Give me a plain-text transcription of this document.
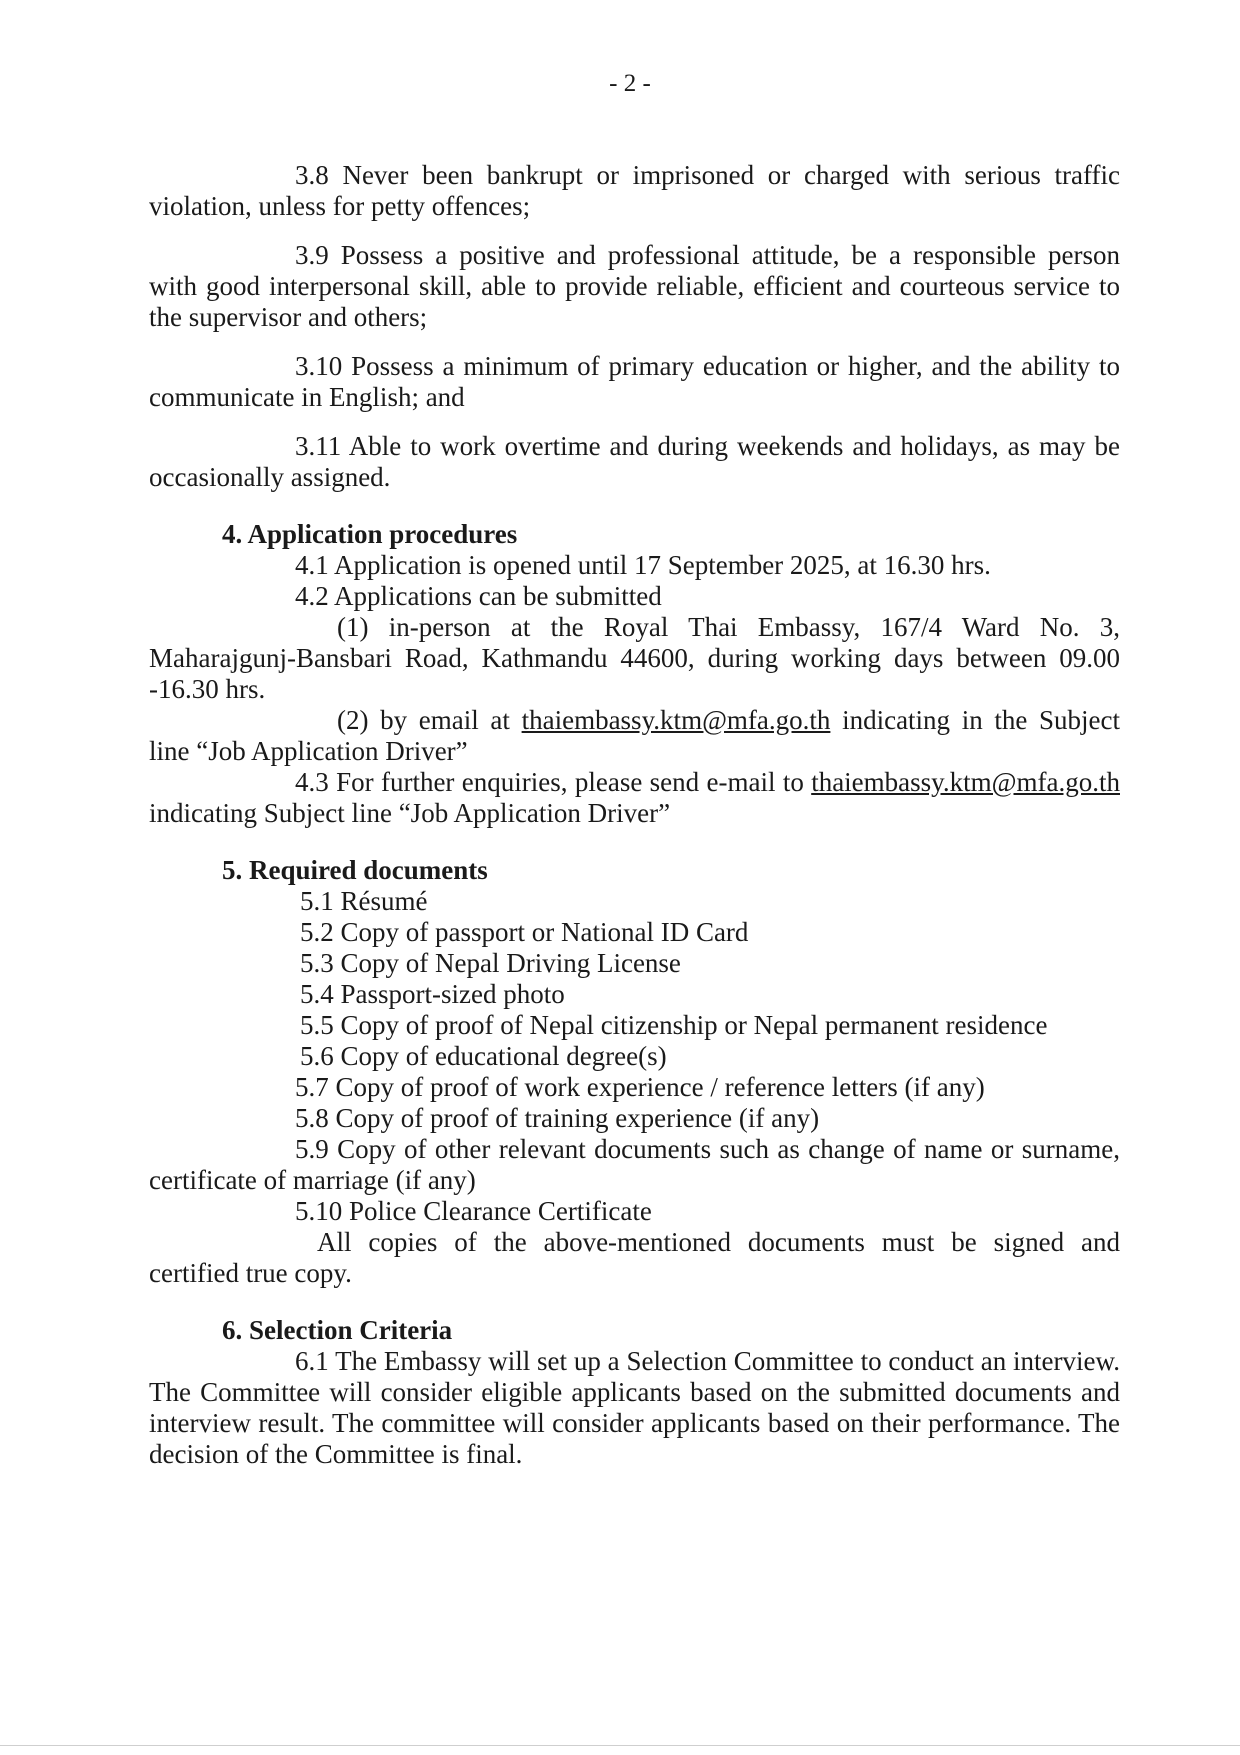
- 2 -

3.8 Never been bankrupt or imprisoned or charged with serious traffic violation, unless for petty offences;

3.9 Possess a positive and professional attitude, be a responsible person with good interpersonal skill, able to provide reliable, efficient and courteous service to the supervisor and others;

3.10 Possess a minimum of primary education or higher, and the ability to communicate in English; and

3.11 Able to work overtime and during weekends and holidays, as may be occasionally assigned.

4. Application procedures

4.1 Application is opened until 17 September 2025, at 16.30 hrs.

4.2 Applications can be submitted

(1) in-person at the Royal Thai Embassy, 167/4 Ward No. 3, Maharajgunj-Bansbari Road, Kathmandu 44600, during working days between 09.00 -16.30 hrs.

(2) by email at thaiembassy.ktm@mfa.go.th indicating in the Subject line “Job Application Driver”

4.3 For further enquiries, please send e-mail to thaiembassy.ktm@mfa.go.th indicating Subject line “Job Application Driver”

5. Required documents

5.1 Résumé

5.2 Copy of passport or National ID Card

5.3 Copy of Nepal Driving License

5.4 Passport-sized photo

5.5 Copy of proof of Nepal citizenship or Nepal permanent residence

5.6 Copy of educational degree(s)

5.7 Copy of proof of work experience / reference letters (if any)

5.8 Copy of proof of training experience (if any)

5.9 Copy of other relevant documents such as change of name or surname, certificate of marriage (if any)

5.10 Police Clearance Certificate

All copies of the above-mentioned documents must be signed and certified true copy.

6. Selection Criteria

6.1 The Embassy will set up a Selection Committee to conduct an interview. The Committee will consider eligible applicants based on the submitted documents and interview result. The committee will consider applicants based on their performance. The decision of the Committee is final.
